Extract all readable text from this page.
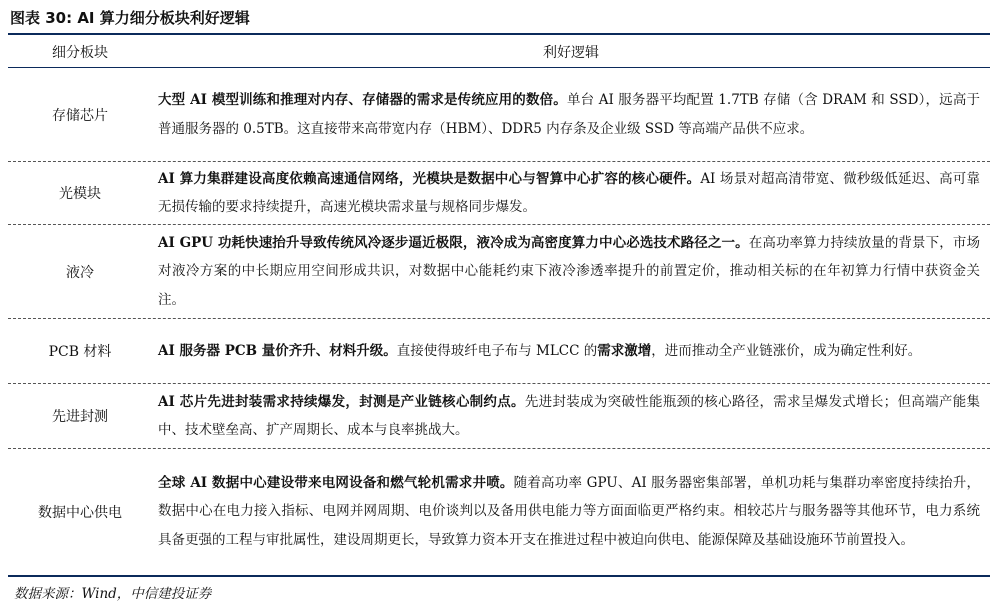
图表 30: AI 算力细分板块利好逻辑
细分板块	利好逻辑
存储芯片
大型 AI 模型训练和推理对内存、存储器的需求是传统应用的数倍。单台 AI 服务器平均配置 1.7TB 存储（含 DRAM 和 SSD），远高于普通服务器的 0.5TB。这直接带来高带宽内存（HBM）、DDR5 内存条及企业级 SSD 等高端产品供不应求。
光模块
AI 算力集群建设高度依赖高速通信网络，光模块是数据中心与智算中心扩容的核心硬件。AI 场景对超高清带宽、微秒级低延迟、高可靠无损传输的要求持续提升，高速光模块需求量与规格同步爆发。
液冷
AI GPU 功耗快速抬升导致传统风冷逐步逼近极限，液冷成为高密度算力中心必选技术路径之一。在高功率算力持续放量的背景下，市场对液冷方案的中长期应用空间形成共识，对数据中心能耗约束下液冷渗透率提升的前置定价，推动相关标的在年初算力行情中获资金关注。
PCB 材料	AI 服务器 PCB 量价齐升、材料升级。直接使得玻纤电子布与 MLCC 的需求激增，进而推动全产业链涨价，成为确定性利好。
先进封测
AI 芯片先进封装需求持续爆发，封测是产业链核心制约点。先进封装成为突破性能瓶颈的核心路径，需求呈爆发式增长；但高端产能集中、技术壁垒高、扩产周期长、成本与良率挑战大。
数据中心供电
全球 AI 数据中心建设带来电网设备和燃气轮机需求井喷。随着高功率 GPU、AI 服务器密集部署，单机功耗与集群功率密度持续抬升，数据中心在电力接入指标、电网并网周期、电价谈判以及备用供电能力等方面面临更严格约束。相较芯片与服务器等其他环节，电力系统具备更强的工程与审批属性，建设周期更长，导致算力资本开支在推进过程中被迫向供电、能源保障及基础设施环节前置投入。
数据来源：Wind，中信建投证券
